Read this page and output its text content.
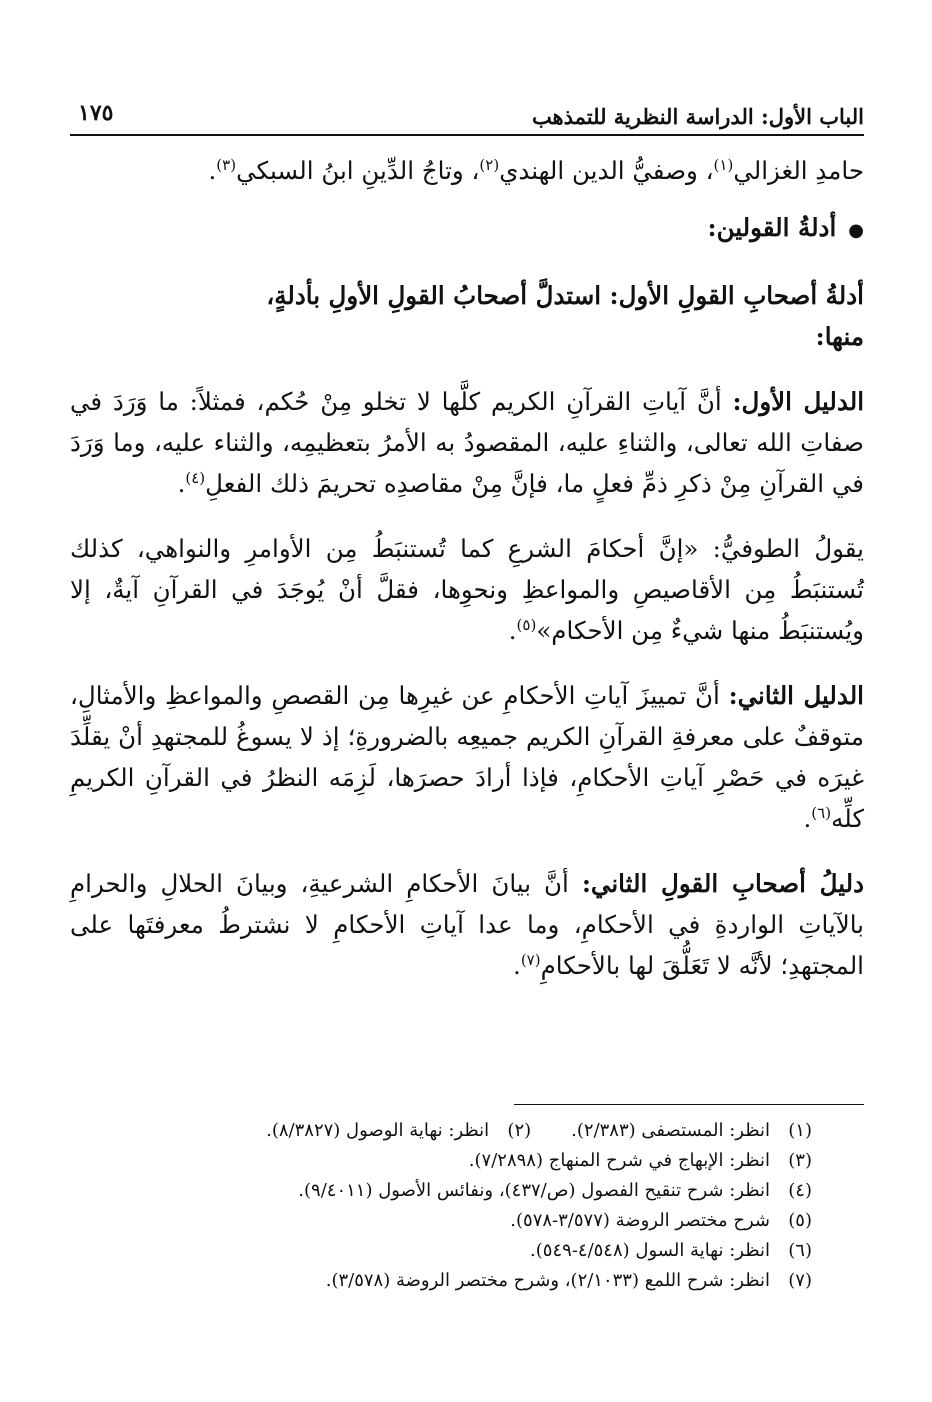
الباب الأول: الدراسة النظرية للتمذهب
١٧٥

حامدِ الغزالي$^{(١)}$، وصفيُّ الدين الهندي$^{(٢)}$، وتاجُ الدِّينِ ابنُ السبكي$^{(٣)}$.

●أدلةُ القولين:

أدلةُ أصحابِ القولِ الأول: استدلَّ أصحابُ القولِ الأولِ بأدلةٍ،
منها:

الدليل الأول: أنَّ آياتِ القرآنِ الكريم كلَّها لا تخلو مِنْ حُكم، فمثلاً: ما وَرَدَ في صفاتِ الله تعالى، والثناءِ عليه، المقصودُ به الأمرُ بتعظيمِه، والثناء عليه، وما وَرَدَ في القرآنِ مِنْ ذكرِ ذمِّ فعلٍ ما، فإنَّ مِنْ مقاصدِه تحريمَ ذلك الفعلِ$^{(٤)}$.

يقولُ الطوفيُّ: «إنَّ أحكامَ الشرعِ كما تُستنبَطُ مِن الأوامرِ والنواهي، كذلك تُستنبَطُ مِن الأقاصيصِ والمواعظِ ونحوِها، فقلَّ أنْ يُوجَدَ في القرآنِ آيةٌ، إلا ويُستنبَطُ منها شيءٌ مِن الأحكام»$^{(٥)}$.

الدليل الثاني: أنَّ تمييزَ آياتِ الأحكامِ عن غيرِها مِن القصصِ والمواعظِ والأمثالِ، متوقفٌ على معرفةِ القرآنِ الكريم جميعِه بالضرورةِ؛ إذ لا يسوغُ للمجتهدِ أنْ يقلِّدَ غيرَه في حَصْرِ آياتِ الأحكامِ، فإذا أرادَ حصرَها، لَزِمَه النظرُ في القرآنِ الكريمِ كلِّه$^{(٦)}$.

دليلُ أصحابِ القولِ الثاني: أنَّ بيانَ الأحكامِ الشرعيةِ، وبيانَ الحلالِ والحرامِ بالآياتِ الواردةِ في الأحكامِ، وما عدا آياتِ الأحكامِ لا نشترطُ معرفتَها على المجتهدِ؛ لأنَّه لا تَعَلُّقَ لها بالأحكامِ$^{(٧)}$.

(١)
انظر: المستصفى (٢/٣٨٣).
(٢)
انظر: نهاية الوصول (٨/٣٨٢٧).
(٣)
انظر: الإبهاج في شرح المنهاج (٧/٢٨٩٨).
(٤)
انظر: شرح تنقيح الفصول (ص/٤٣٧)، ونفائس الأصول (٩/٤٠١١).
(٥)
شرح مختصر الروضة (٣/٥٧٧-٥٧٨).
(٦)
انظر: نهاية السول (٤/٥٤٨-٥٤٩).
(٧)
انظر: شرح اللمع (٢/١٠٣٣)، وشرح مختصر الروضة (٣/٥٧٨).
